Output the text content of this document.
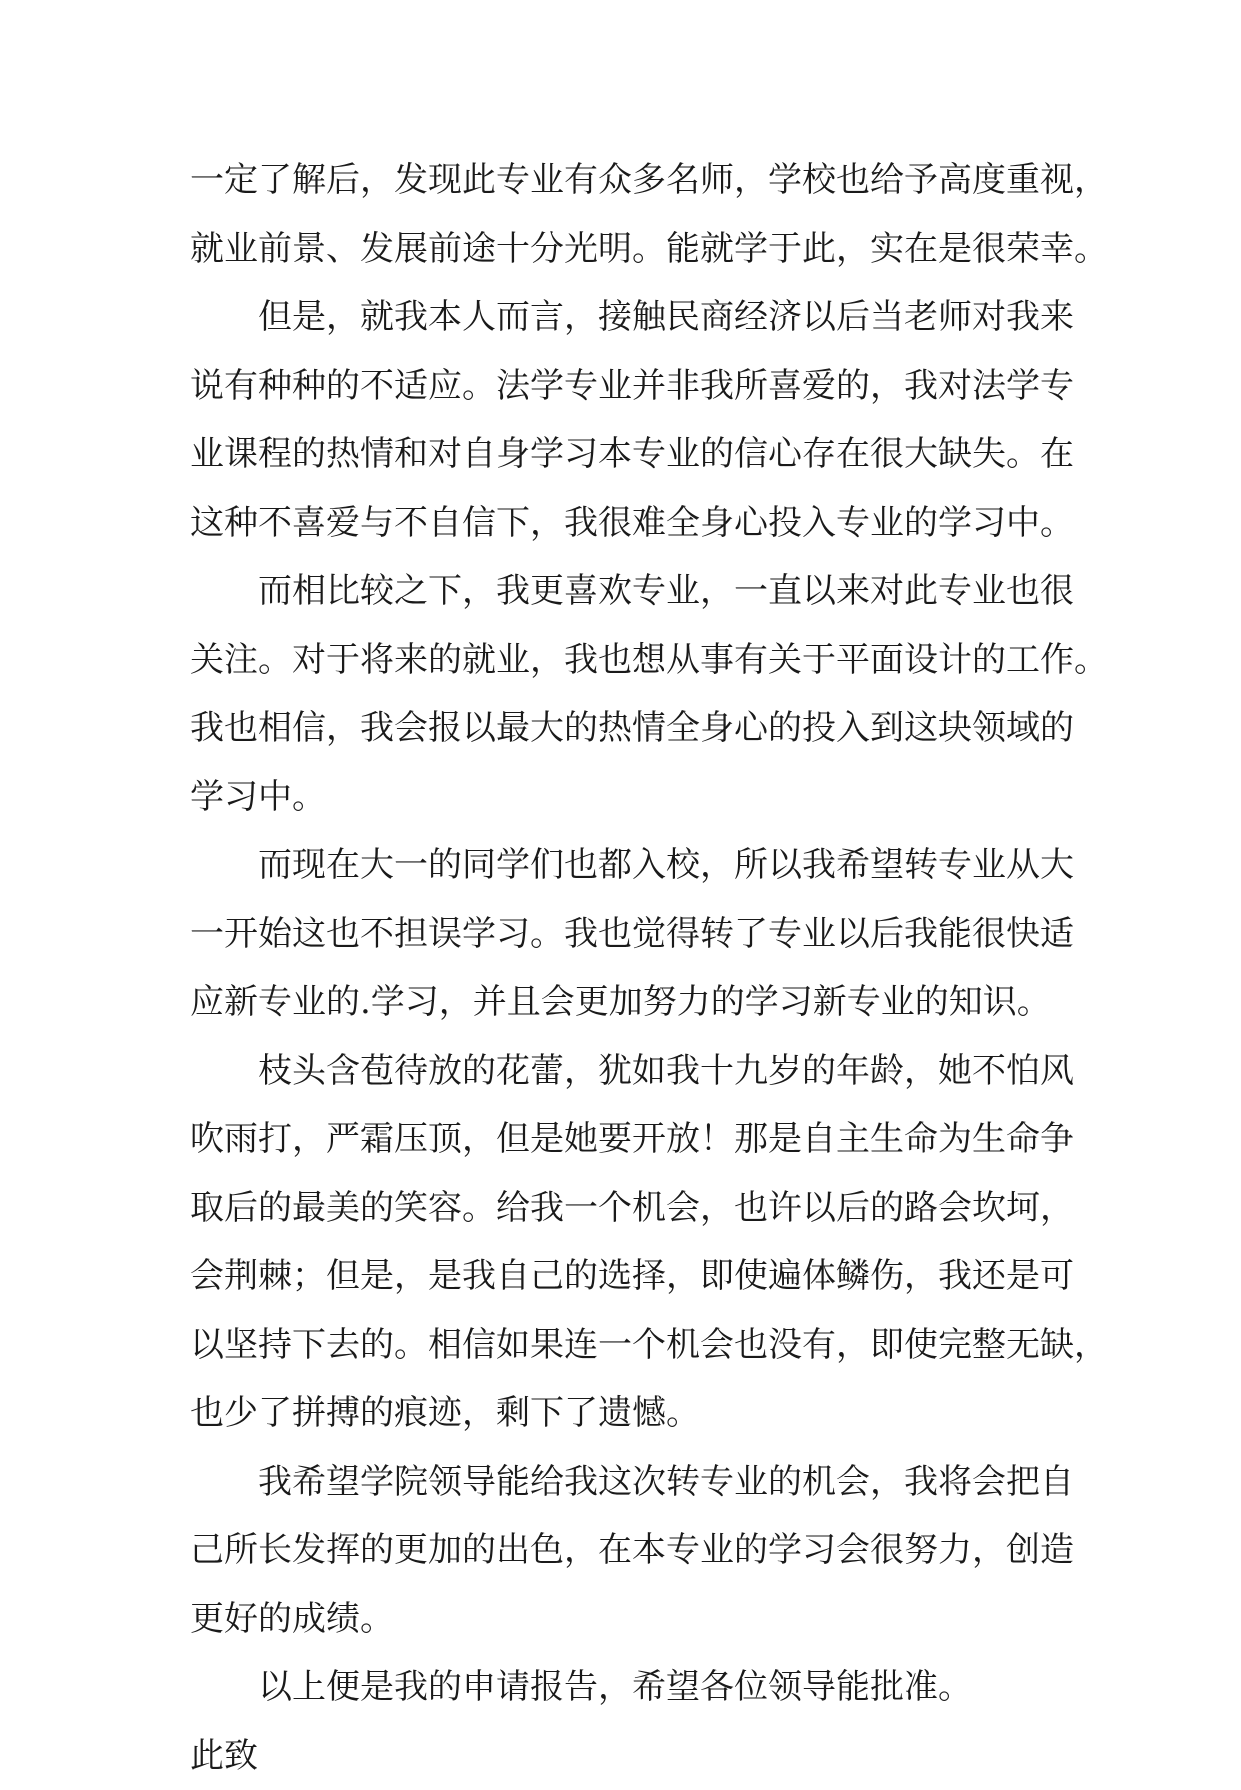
一定了解后，发现此专业有众多名师，学校也给予高度重视，
就业前景、发展前途十分光明。能就学于此，实在是很荣幸。
但是，就我本人而言，接触民商经济以后当老师对我来
说有种种的不适应。法学专业并非我所喜爱的，我对法学专
业课程的热情和对自身学习本专业的信心存在很大缺失。在
这种不喜爱与不自信下，我很难全身心投入专业的学习中。
而相比较之下，我更喜欢专业，一直以来对此专业也很
关注。对于将来的就业，我也想从事有关于平面设计的工作。
我也相信，我会报以最大的热情全身心的投入到这块领域的
学习中。
而现在大一的同学们也都入校，所以我希望转专业从大
一开始这也不担误学习。我也觉得转了专业以后我能很快适
应新专业的.学习，并且会更加努力的学习新专业的知识。
枝头含苞待放的花蕾，犹如我十九岁的年龄，她不怕风
吹雨打，严霜压顶，但是她要开放！那是自主生命为生命争
取后的最美的笑容。给我一个机会，也许以后的路会坎坷，
会荆棘；但是，是我自己的选择，即使遍体鳞伤，我还是可
以坚持下去的。相信如果连一个机会也没有，即使完整无缺，
也少了拼搏的痕迹，剩下了遗憾。
我希望学院领导能给我这次转专业的机会，我将会把自
己所长发挥的更加的出色，在本专业的学习会很努力，创造
更好的成绩。
以上便是我的申请报告，希望各位领导能批准。
此致
